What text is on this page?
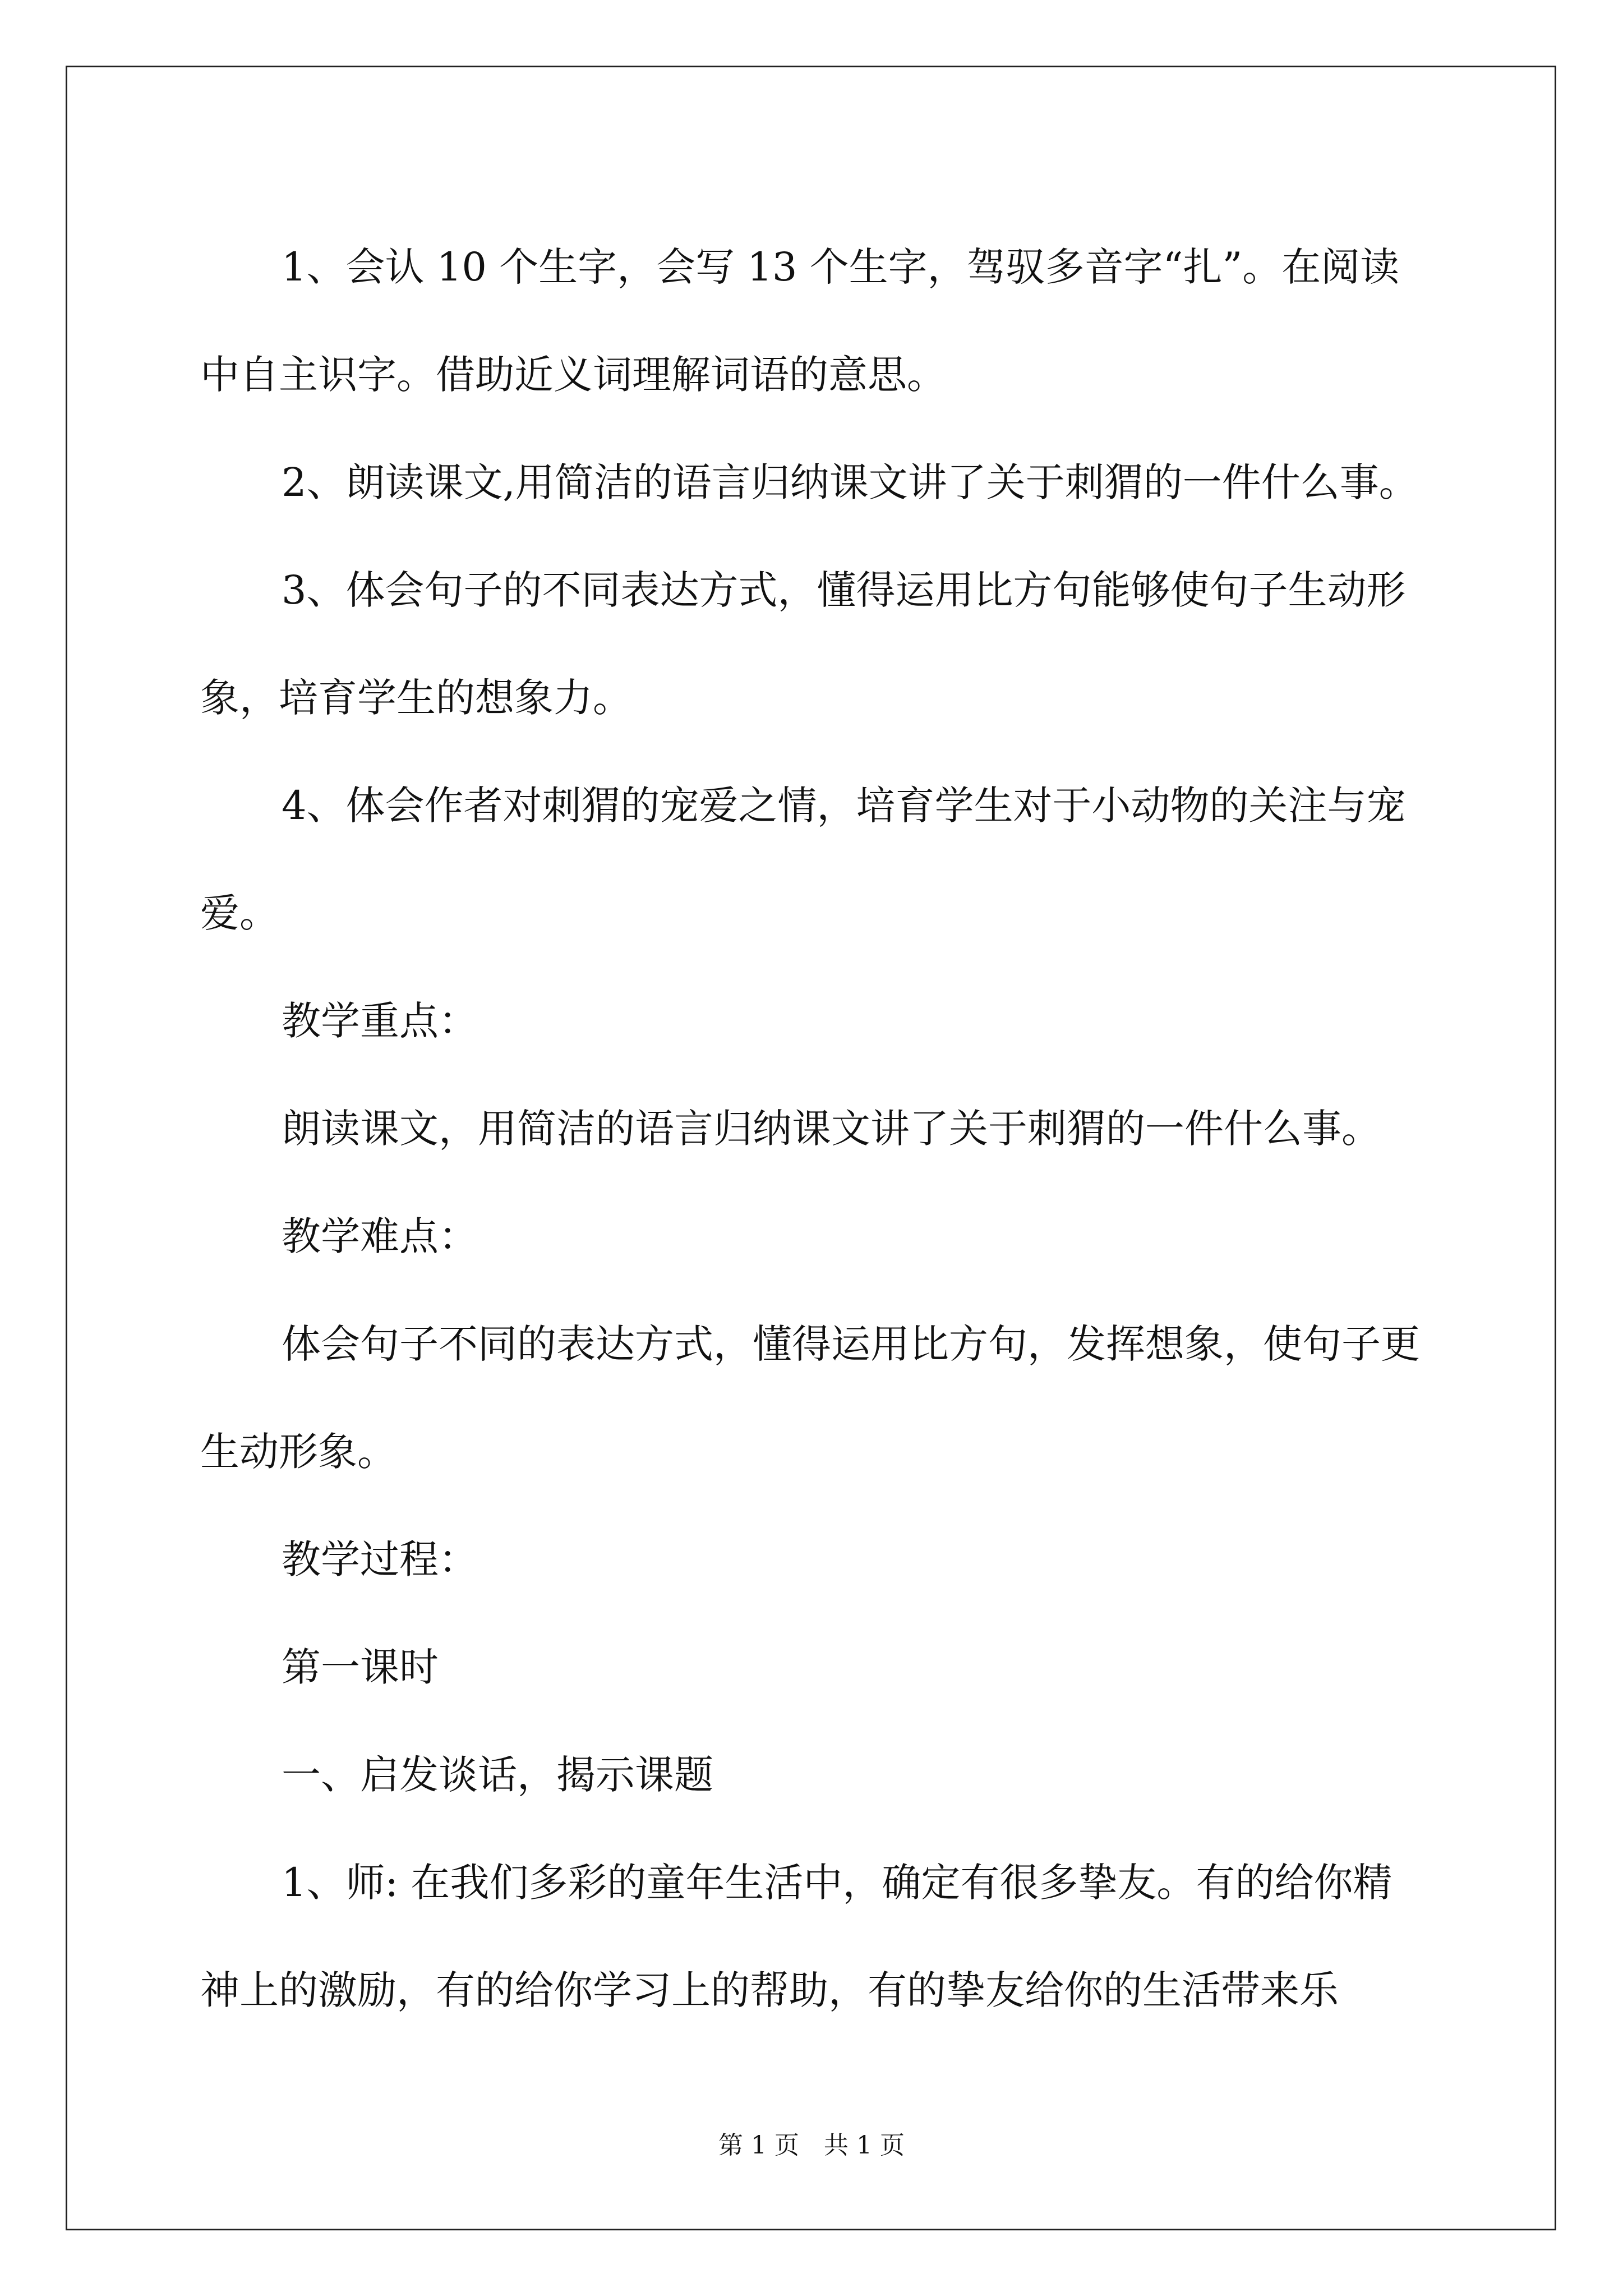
1、会认 10 个生字，会写 13 个生字，驾驭多音字“扎”。在阅读中自主识字。借助近义词理解词语的意思。

2、朗读课文,用简洁的语言归纳课文讲了关于刺猬的一件什么事。

3、体会句子的不同表达方式，懂得运用比方句能够使句子生动形象，培育学生的想象力。

4、体会作者对刺猬的宠爱之情，培育学生对于小动物的关注与宠爱。

教学重点：

朗读课文，用简洁的语言归纳课文讲了关于刺猬的一件什么事。

教学难点：

体会句子不同的表达方式，懂得运用比方句，发挥想象，使句子更生动形象。

教学过程：

第一课时

一、启发谈话，揭示课题

1、师: 在我们多彩的童年生活中，确定有很多挚友。有的给你精神上的激励，有的给你学习上的帮助，有的挚友给你的生活带来乐

第 1 页　共 1 页
